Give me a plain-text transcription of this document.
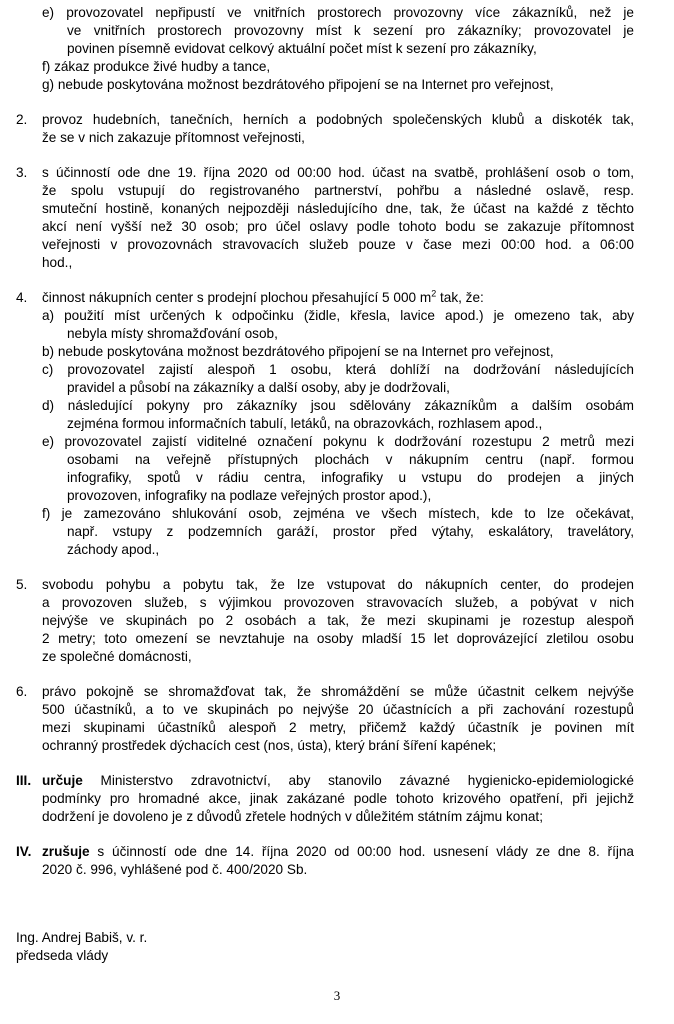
e) provozovatel nepřipustí ve vnitřních prostorech provozovny více zákazníků, než je
ve vnitřních prostorech provozovny míst k sezení pro zákazníky; provozovatel je
povinen písemně evidovat celkový aktuální počet míst k sezení pro zákazníky,
f) zákaz produkce živé hudby a tance,
g) nebude poskytována možnost bezdrátového připojení se na Internet pro veřejnost,
2.	provoz hudebních, tanečních, herních a podobných společenských klubů a diskoték tak,
že se v nich zakazuje přítomnost veřejnosti,
3.	s účinností ode dne 19. října 2020 od 00:00 hod. účast na svatbě, prohlášení osob o tom,
že spolu vstupují do registrovaného partnerství, pohřbu a následné oslavě, resp.
smuteční hostině, konaných nejpozději následujícího dne, tak, že účast na každé z těchto
akcí není vyšší než 30 osob; pro účel oslavy podle tohoto bodu se zakazuje přítomnost
veřejnosti v provozovnách stravovacích služeb pouze v čase mezi 00:00 hod. a 06:00
hod.,
4.	činnost nákupních center s prodejní plochou přesahující 5 000 $m^2$ tak, že:
a) použití míst určených k odpočinku (židle, křesla, lavice apod.) je omezeno tak, aby
nebyla místy shromažďování osob,
b) nebude poskytována možnost bezdrátového připojení se na Internet pro veřejnost,
c) provozovatel zajistí alespoň 1 osobu, která dohlíží na dodržování následujících
pravidel a působí na zákazníky a další osoby, aby je dodržovali,
d) následující pokyny pro zákazníky jsou sdělovány zákazníkům a dalším osobám
zejména formou informačních tabulí, letáků, na obrazovkách, rozhlasem apod.,
e) provozovatel zajistí viditelné označení pokynu k dodržování rozestupu 2 metrů mezi
osobami na veřejně přístupných plochách v nákupním centru (např. formou
infografiky, spotů v rádiu centra, infografiky u vstupu do prodejen a jiných
provozoven, infografiky na podlaze veřejných prostor apod.),
f) je zamezováno shlukování osob, zejména ve všech místech, kde to lze očekávat,
např. vstupy z podzemních garáží, prostor před výtahy, eskalátory, travelátory,
záchody apod.,
5.	svobodu pohybu a pobytu tak, že lze vstupovat do nákupních center, do prodejen
a provozoven služeb, s výjimkou provozoven stravovacích služeb, a pobývat v nich
nejvýše ve skupinách po 2 osobách a tak, že mezi skupinami je rozestup alespoň
2 metry; toto omezení se nevztahuje na osoby mladší 15 let doprovázející zletilou osobu
ze společné domácnosti,
6.	právo pokojně se shromažďovat tak, že shromáždění se může účastnit celkem nejvýše
500 účastníků, a to ve skupinách po nejvýše 20 účastnících a při zachování rozestupů
mezi skupinami účastníků alespoň 2 metry, přičemž každý účastník je povinen mít
ochranný prostředek dýchacích cest (nos, ústa), který brání šíření kapének;
III. určuje Ministerstvo zdravotnictví, aby stanovilo závazné hygienicko-epidemiologické
podmínky pro hromadné akce, jinak zakázané podle tohoto krizového opatření, při jejichž
dodržení je dovoleno je z důvodů zřetele hodných v důležitém státním zájmu konat;
IV. zrušuje s účinností ode dne 14. října 2020 od 00:00 hod. usnesení vlády ze dne 8. října
2020 č. 996, vyhlášené pod č. 400/2020 Sb.
Ing. Andrej Babiš, v. r.
předseda vlády
3
